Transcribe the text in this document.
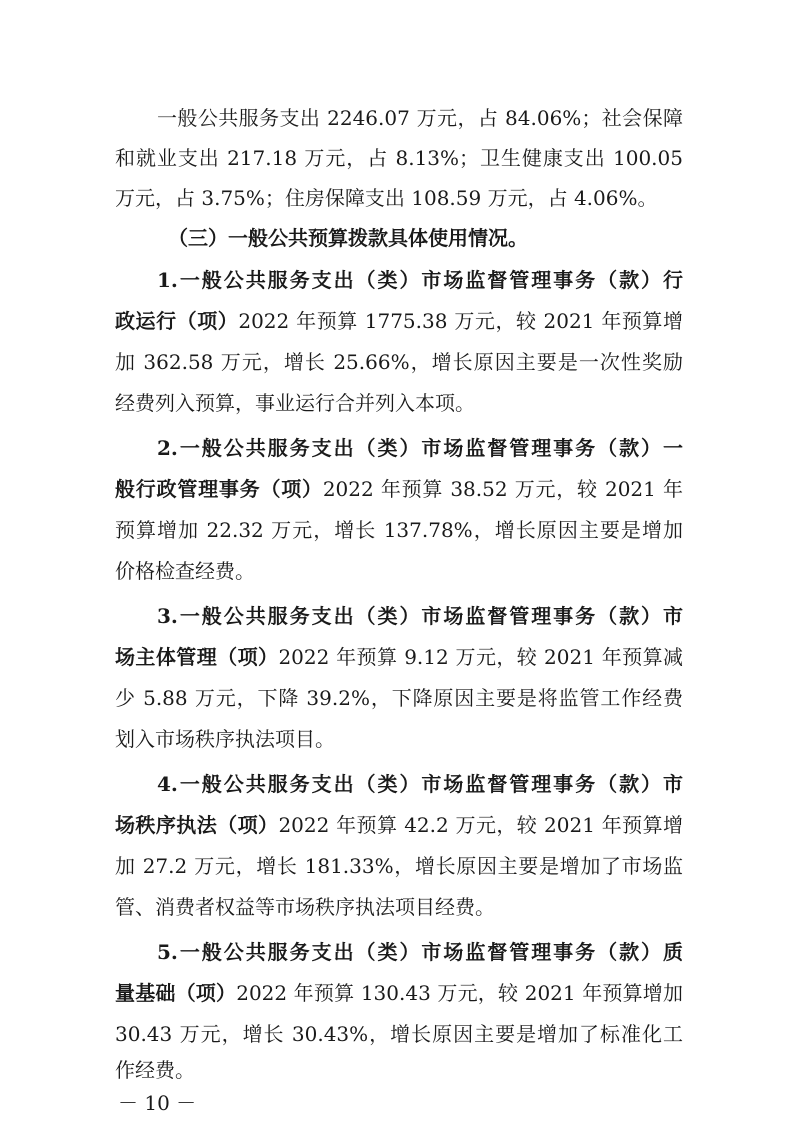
一般公共服务支出 2246.07 万元，占 84.06%；社会保障
和就业支出 217.18 万元，占 8.13%；卫生健康支出 100.05
万元，占 3.75%；住房保障支出 108.59 万元，占 4.06%。
（三）一般公共预算拨款具体使用情况。
1.一般公共服务支出（类）市场监督管理事务（款）行
政运行（项）2022 年预算 1775.38 万元，较 2021 年预算增
加 362.58 万元，增长 25.66%，增长原因主要是一次性奖励
经费列入预算，事业运行合并列入本项。
2.一般公共服务支出（类）市场监督管理事务（款）一
般行政管理事务（项）2022 年预算 38.52 万元，较 2021 年
预算增加 22.32 万元，增长 137.78%，增长原因主要是增加
价格检查经费。
3.一般公共服务支出（类）市场监督管理事务（款）市
场主体管理（项）2022 年预算 9.12 万元，较 2021 年预算减
少 5.88 万元，下降 39.2%，下降原因主要是将监管工作经费
划入市场秩序执法项目。
4.一般公共服务支出（类）市场监督管理事务（款）市
场秩序执法（项）2022 年预算 42.2 万元，较 2021 年预算增
加 27.2 万元，增长 181.33%，增长原因主要是增加了市场监
管、消费者权益等市场秩序执法项目经费。
5.一般公共服务支出（类）市场监督管理事务（款）质
量基础（项）2022 年预算 130.43 万元，较 2021 年预算增加
30.43 万元，增长 30.43%，增长原因主要是增加了标准化工
作经费。
－ 10 －
